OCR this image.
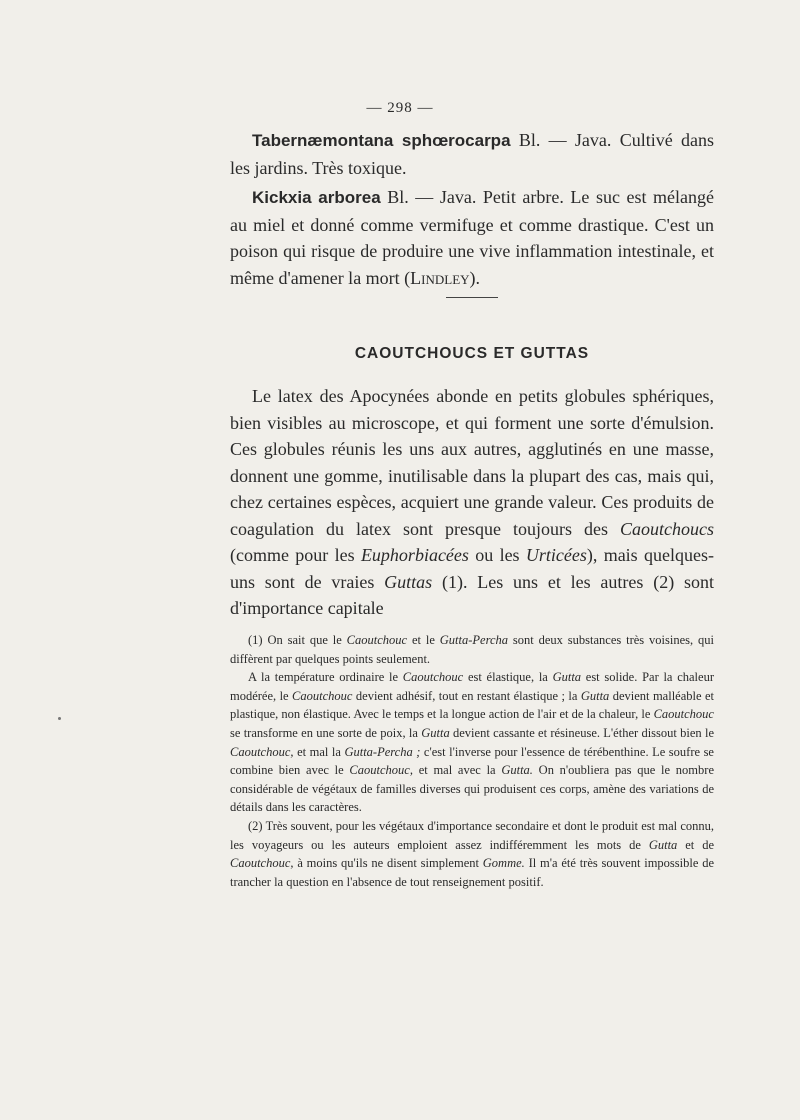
— 298 —
Tabernæmontana sphœrocarpa Bl. — Java. Cultivé dans les jardins. Très toxique.
Kickxia arborea Bl. — Java. Petit arbre. Le suc est mélangé au miel et donné comme vermifuge et comme drastique. C'est un poison qui risque de produire une vive inflammation intestinale, et même d'amener la mort (Lindley).
CAOUTCHOUCS ET GUTTAS
Le latex des Apocynées abonde en petits globules sphériques, bien visibles au microscope, et qui forment une sorte d'émulsion. Ces globules réunis les uns aux autres, agglutinés en une masse, donnent une gomme, inutilisable dans la plupart des cas, mais qui, chez certaines espèces, acquiert une grande valeur. Ces produits de coagulation du latex sont presque toujours des Caoutchoucs (comme pour les Euphorbiacées ou les Urticées), mais quelques-uns sont de vraies Guttas (1). Les uns et les autres (2) sont d'importance capitale

(1) On sait que le Caoutchouc et le Gutta-Percha sont deux substances très voisines, qui diffèrent par quelques points seulement.

A la température ordinaire le Caoutchouc est élastique, la Gutta est solide. Par la chaleur modérée, le Caoutchouc devient adhésif, tout en restant élastique ; la Gutta devient malléable et plastique, non élastique. Avec le temps et la longue action de l'air et de la chaleur, le Caoutchouc se transforme en une sorte de poix, la Gutta devient cassante et résineuse. L'éther dissout bien le Caoutchouc, et mal la Gutta-Percha ; c'est l'inverse pour l'essence de térébenthine. Le soufre se combine bien avec le Caoutchouc, et mal avec la Gutta. On n'oubliera pas que le nombre considérable de végétaux de familles diverses qui produisent ces corps, amène des variations de détails dans les caractères.

(2) Très souvent, pour les végétaux d'importance secondaire et dont le produit est mal connu, les voyageurs ou les auteurs emploient assez indifféremment les mots de Gutta et de Caoutchouc, à moins qu'ils ne disent simplement Gomme. Il m'a été très souvent impossible de trancher la question en l'absence de tout renseignement positif.
